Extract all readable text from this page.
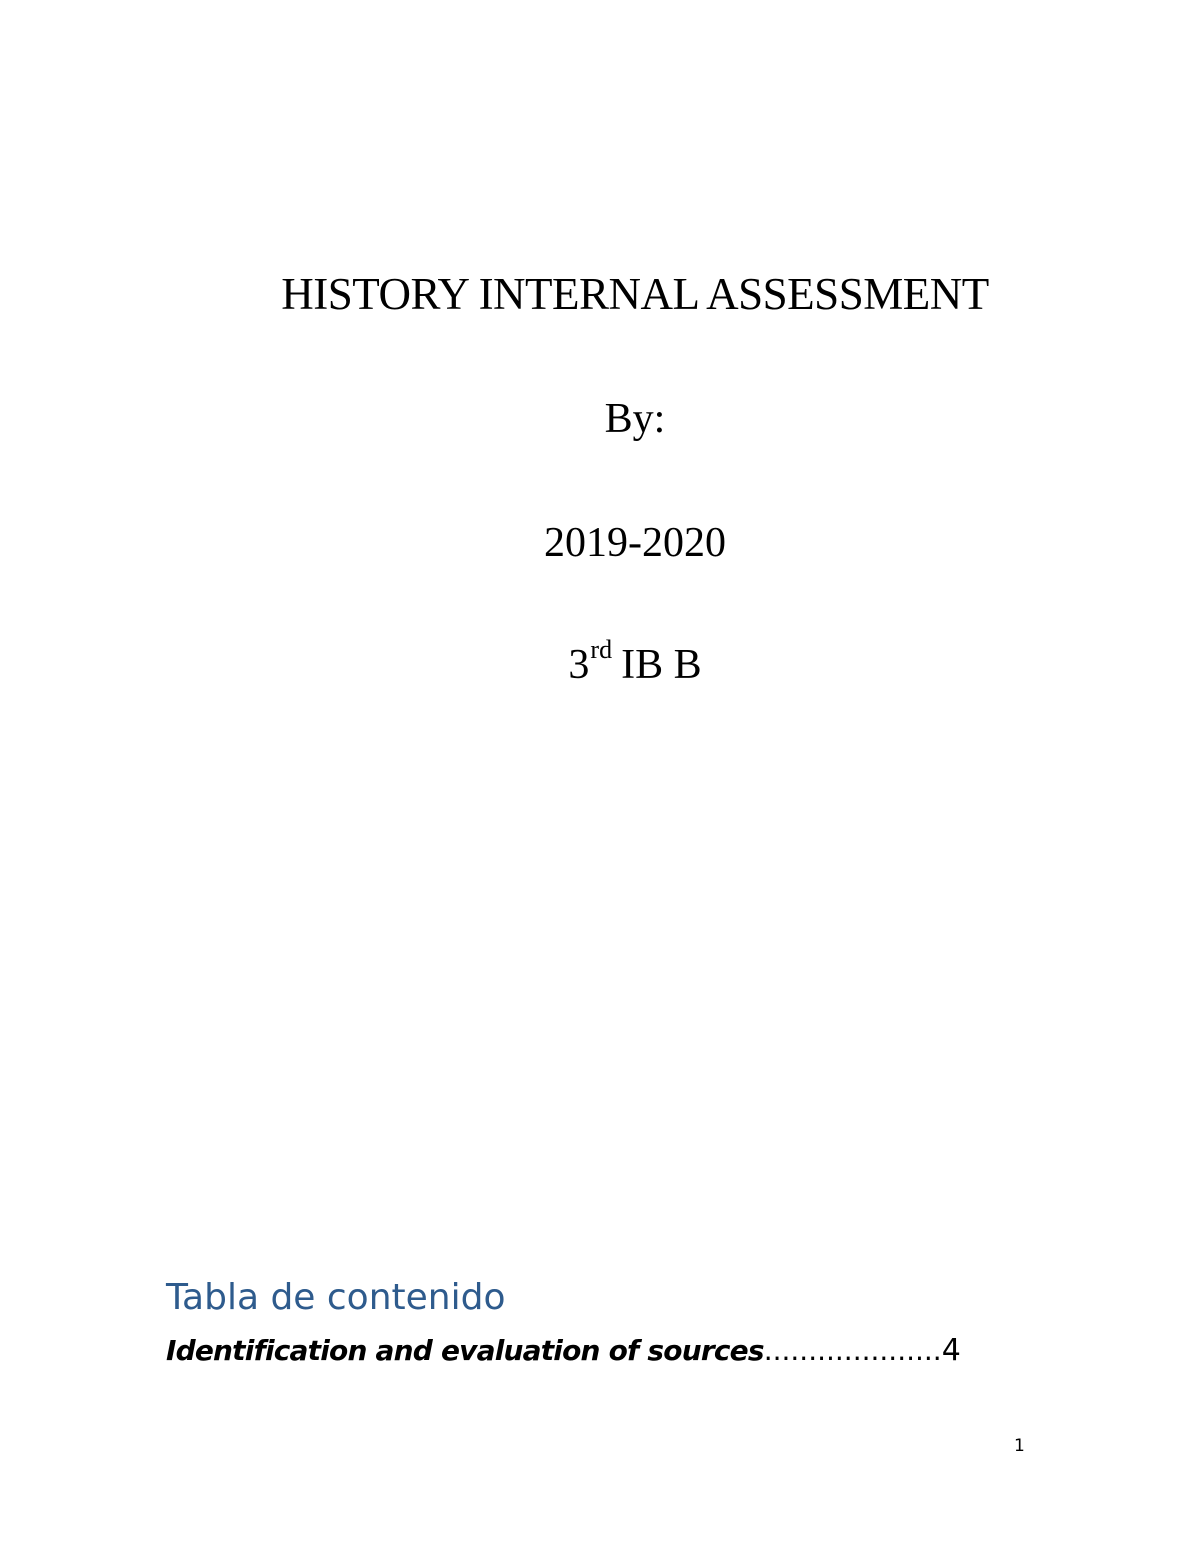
HISTORY INTERNAL ASSESSMENT
By:
2019-2020
3rd IB B
Tabla de contenido
Identification and evaluation of sources....................4
1
